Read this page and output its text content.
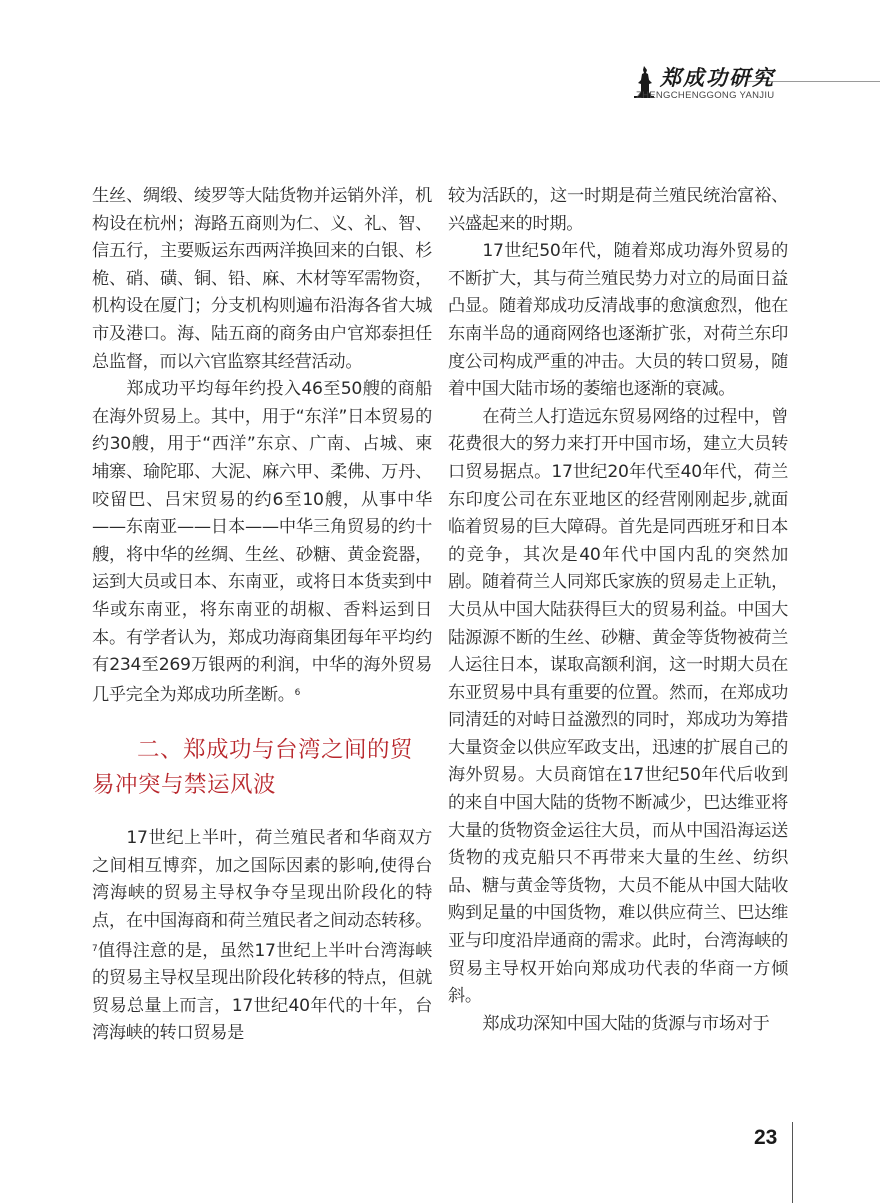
郑成功研究
ZHENGCHENGGONG YANJIU

生丝、绸缎、绫罗等大陆货物并运销外洋，机构设在杭州；海路五商则为仁、义、礼、智、信五行，主要贩运东西两洋换回来的白银、杉桅、硝、磺、铜、铅、麻、木材等军需物资，机构设在厦门；分支机构则遍布沿海各省大城市及港口。海、陆五商的商务由户官郑泰担任总监督，而以六官监察其经营活动。

郑成功平均每年约投入46至50艘的商船在海外贸易上。其中，用于“东洋”日本贸易的约30艘，用于“西洋”东京、广南、占城、柬埔寨、瑜陀耶、大泥、麻六甲、柔佛、万丹、咬留巴、吕宋贸易的约6至10艘，从事中华——东南亚——日本——中华三角贸易的约十艘，将中华的丝绸、生丝、砂糖、黄金瓷器，运到大员或日本、东南亚，或将日本货卖到中华或东南亚，将东南亚的胡椒、香料运到日本。有学者认为，郑成功海商集团每年平均约有234至269万银两的利润，中华的海外贸易几乎完全为郑成功所垄断。$^6$

二、郑成功与台湾之间的贸易冲突与禁运风波

17世纪上半叶，荷兰殖民者和华商双方之间相互博弈，加之国际因素的影响,使得台湾海峡的贸易主导权争夺呈现出阶段化的特点，在中国海商和荷兰殖民者之间动态转移。$^7$值得注意的是，虽然17世纪上半叶台湾海峡的贸易主导权呈现出阶段化转移的特点，但就贸易总量上而言，17世纪40年代的十年，台湾海峡的转口贸易是

较为活跃的，这一时期是荷兰殖民统治富裕、兴盛起来的时期。

17世纪50年代，随着郑成功海外贸易的不断扩大，其与荷兰殖民势力对立的局面日益凸显。随着郑成功反清战事的愈演愈烈，他在东南半岛的通商网络也逐渐扩张，对荷兰东印度公司构成严重的冲击。大员的转口贸易，随着中国大陆市场的萎缩也逐渐的衰减。

在荷兰人打造远东贸易网络的过程中，曾花费很大的努力来打开中国市场，建立大员转口贸易据点。17世纪20年代至40年代，荷兰东印度公司在东亚地区的经营刚刚起步,就面临着贸易的巨大障碍。首先是同西班牙和日本的竞争，其次是40年代中国内乱的突然加剧。随着荷兰人同郑氏家族的贸易走上正轨，大员从中国大陆获得巨大的贸易利益。中国大陆源源不断的生丝、砂糖、黄金等货物被荷兰人运往日本，谋取高额利润，这一时期大员在东亚贸易中具有重要的位置。然而，在郑成功同清廷的对峙日益激烈的同时，郑成功为筹措大量资金以供应军政支出，迅速的扩展自己的海外贸易。大员商馆在17世纪50年代后收到的来自中国大陆的货物不断减少，巴达维亚将大量的货物资金运往大员，而从中国沿海运送货物的戎克船只不再带来大量的生丝、纺织品、糖与黄金等货物，大员不能从中国大陆收购到足量的中国货物，难以供应荷兰、巴达维亚与印度沿岸通商的需求。此时，台湾海峡的贸易主导权开始向郑成功代表的华商一方倾斜。

郑成功深知中国大陆的货源与市场对于

23
